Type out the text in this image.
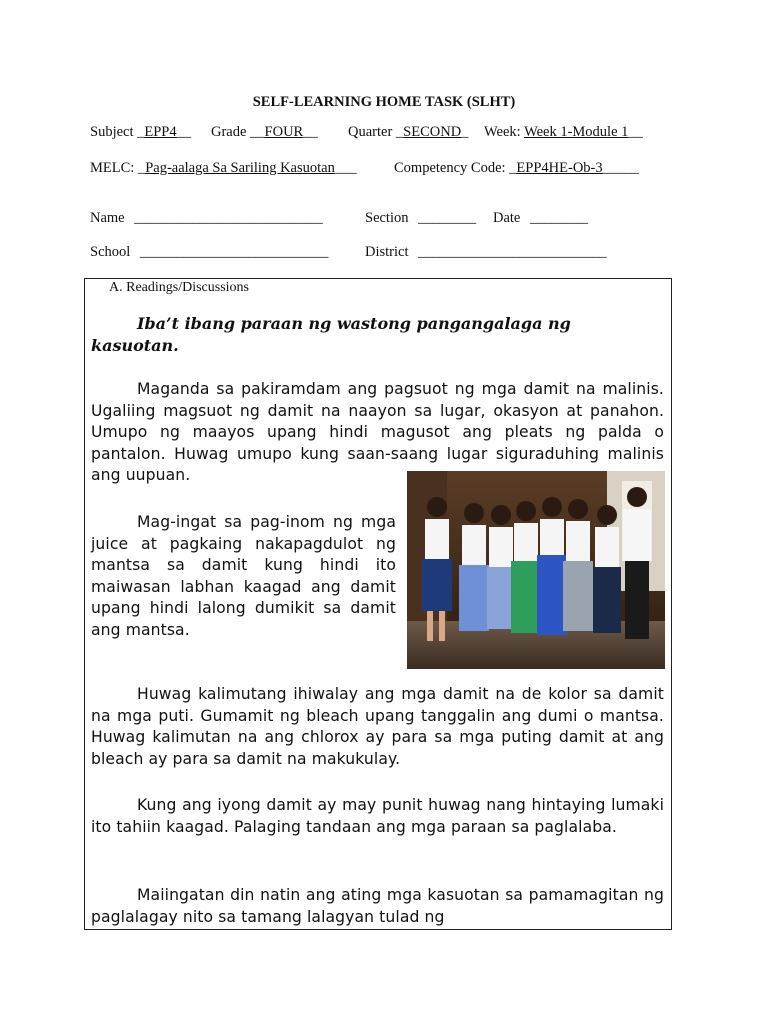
SELF-LEARNING HOME TASK (SLHT)
Subject _EPP4__ Grade __FOUR__ Quarter _SECOND_ Week: Week 1-Module 1__
MELC: _Pag-aalaga Sa Sariling Kasuotan___	Competency Code: _EPP4HE-Ob-3_____
Name __________________________	Section ________ Date ________
School __________________________	District __________________________
A. Readings/Discussions
Iba’t ibang paraan ng wastong pangangalaga ng kasuotan.
Maganda sa pakiramdam ang pagsuot ng mga damit na malinis. Ugaliing magsuot ng damit na naayon sa lugar, okasyon at panahon. Umupo ng maayos upang hindi magusot ang pleats ng palda o pantalon. Huwag umupo kung saan-saang lugar siguraduhing malinis ang uupuan.
Mag-ingat sa pag-inom ng mga juice at pagkaing nakapagdulot ng mantsa sa damit kung hindi ito maiwasan labhan kaagad ang damit upang hindi lalong dumikit sa damit ang mantsa.
Huwag kalimutang ihiwalay ang mga damit na de kolor sa damit na mga puti. Gumamit ng bleach upang tanggalin ang dumi o mantsa. Huwag kalimutan na ang chlorox ay para sa mga puting damit at ang bleach ay para sa damit na makukulay.
Kung ang iyong damit ay may punit huwag nang hintaying lumaki ito tahiin kaagad. Palaging tandaan ang mga paraan sa paglalaba.
Maiingatan din natin ang ating mga kasuotan sa pamamagitan ng paglalagay nito sa tamang lalagyan tulad ng
